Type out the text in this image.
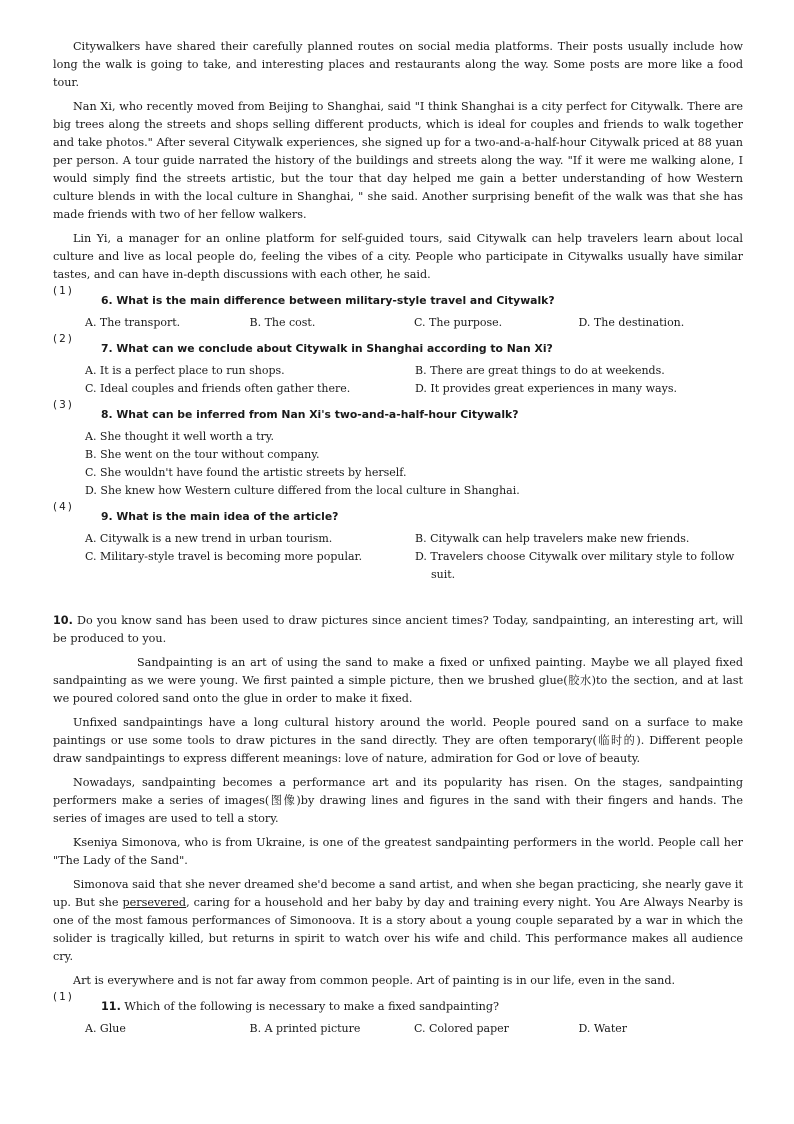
Citywalkers have shared their carefully planned routes on social media platforms. Their posts usually include how long the walk is going to take, and interesting places and restaurants along the way. Some posts are more like a food tour.

Nan Xi, who recently moved from Beijing to Shanghai, said "I think Shanghai is a city perfect for Citywalk. There are big trees along the streets and shops selling different products, which is ideal for couples and friends to walk together and take photos." After several Citywalk experiences, she signed up for a two-and-a-half-hour Citywalk priced at 88 yuan per person. A tour guide narrated the history of the buildings and streets along the way. "If it were me walking alone, I would simply find the streets artistic, but the tour that day helped me gain a better understanding of how Western culture blends in with the local culture in Shanghai, " she said. Another surprising benefit of the walk was that she has made friends with two of her fellow walkers.

Lin Yi, a manager for an online platform for self-guided tours, said Citywalk can help travelers learn about local culture and live as local people do, feeling the vibes of a city. People who participate in Citywalks usually have similar tastes, and can have in-depth discussions with each other, he said.

(1)
6. What is the main difference between military-style travel and Citywalk?
A. The transport.	B. The cost.	C. The purpose.	D. The destination.
(2)
7. What can we conclude about Citywalk in Shanghai according to Nan Xi?
A. It is a perfect place to run shops.	B. There are great things to do at weekends.
C. Ideal couples and friends often gather there.	D. It provides great experiences in many ways.
(3)
8. What can be inferred from Nan Xi's two-and-a-half-hour Citywalk?
A. She thought it well worth a try.
B. She went on the tour without company.
C. She wouldn't have found the artistic streets by herself.
D. She knew how Western culture differed from the local culture in Shanghai.
(4)
9. What is the main idea of the article?
A. Citywalk is a new trend in urban tourism.	B. Citywalk can help travelers make new friends.
C. Military-style travel is becoming more popular.	D. Travelers choose Citywalk over military style to follow suit.

10. Do you know sand has been used to draw pictures since ancient times? Today, sandpainting, an interesting art, will be produced to you.

Sandpainting is an art of using the sand to make a fixed or unfixed painting. Maybe we all played fixed sandpainting as we were young. We first painted a simple picture, then we brushed glue(胶水)to the section, and at last we poured colored sand onto the glue in order to make it fixed.

Unfixed sandpaintings have a long cultural history around the world. People poured sand on a surface to make paintings or use some tools to draw pictures in the sand directly. They are often temporary(临时的). Different people draw sandpaintings to express different meanings: love of nature, admiration for God or love of beauty.

Nowadays, sandpainting becomes a performance art and its popularity has risen. On the stages, sandpainting performers make a series of images(图像)by drawing lines and figures in the sand with their fingers and hands. The series of images are used to tell a story.

Kseniya Simonova, who is from Ukraine, is one of the greatest sandpainting performers in the world. People call her "The Lady of the Sand".

Simonova said that she never dreamed she'd become a sand artist, and when she began practicing, she nearly gave it up. But she persevered, caring for a household and her baby by day and training every night. You Are Always Nearby is one of the most famous performances of Simonoova. It is a story about a young couple separated by a war in which the solider is tragically killed, but returns in spirit to watch over his wife and child. This performance makes all audience cry.

Art is everywhere and is not far away from common people. Art of painting is in our life, even in the sand.

(1)
11. Which of the following is necessary to make a fixed sandpainting?
A. Glue	B. A printed picture	C. Colored paper	D. Water
